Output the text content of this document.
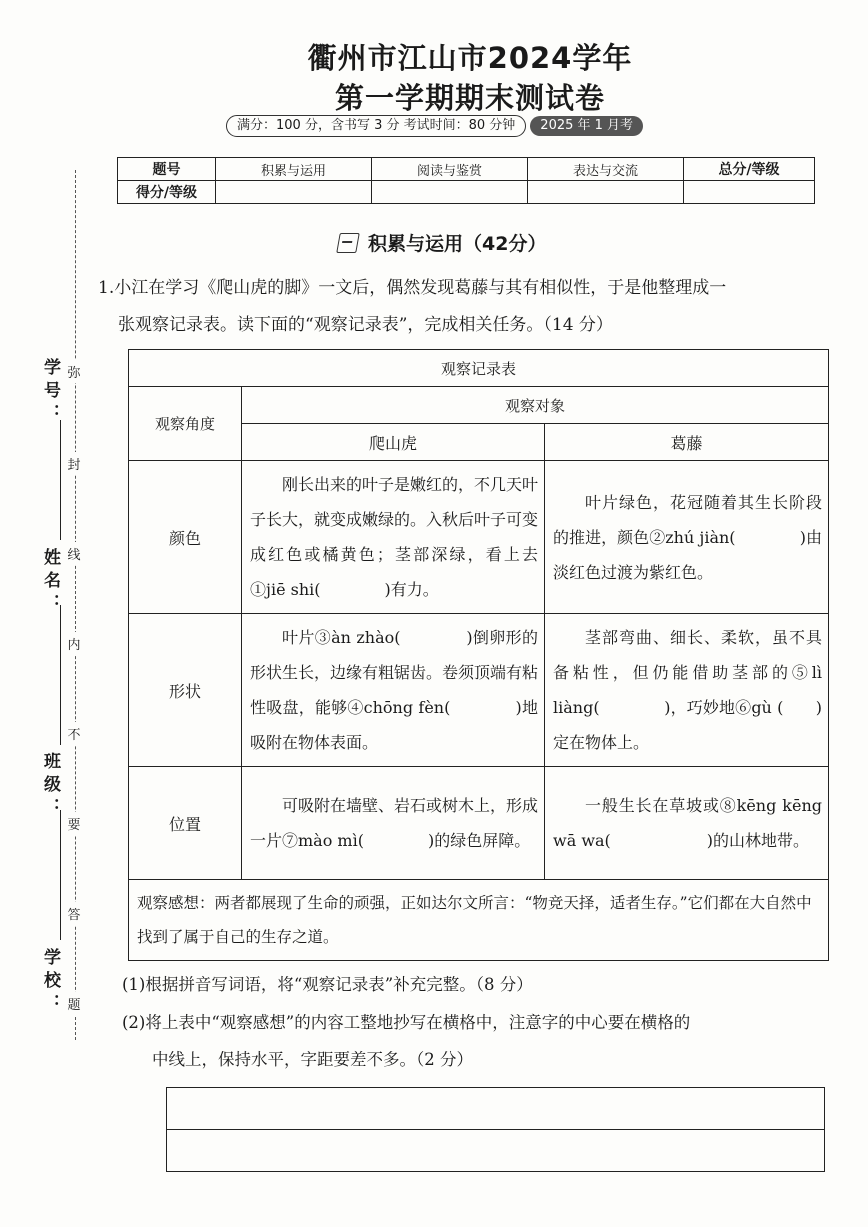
学号：
姓名：
班级：
学校：
弥
封
线
内
不
要
答
题
衢州市江山市2024学年
第一学期期末测试卷
满分：100 分，含书写 3 分 考试时间：80 分钟	2025 年 1 月考
题号	积累与运用	阅读与鉴赏	表达与交流	总分/等级
得分/等级				
积累与运用（42分）
1.小江在学习《爬山虎的脚》一文后，偶然发现葛藤与其有相似性，于是他整理成一
张观察记录表。读下面的“观察记录表”，完成相关任务。（14 分）
观察记录表		
观察角度	观察对象	
	爬山虎	葛藤
颜色	刚长出来的叶子是嫩红的，不几天叶子长大，就变成嫩绿的。入秋后叶子可变成红色或橘黄色；茎部深绿，看上去①jiē shi(　　　　)有力。	叶片绿色，花冠随着其生长阶段的推进，颜色②zhú jiàn(　　　　)由淡红色过渡为紫红色。

形状	叶片③àn zhào(　　　　)倒卵形的形状生长，边缘有粗锯齿。卷须顶端有粘性吸盘，能够④chōng fèn(　　　　)地吸附在物体表面。	茎部弯曲、细长、柔软，虽不具备粘性，但仍能借助茎部的⑤lì liàng(　　　　)，巧妙地⑥gù (　　)定在物体上。

位置	可吸附在墙壁、岩石或树木上，形成一片⑦mào mì(　　　　)的绿色屏障。	一般生长在草坡或⑧kēng kēng wā wa(　　　　　　)的山林地带。

观察感想：两者都展现了生命的顽强，正如达尔文所言：“物竞天择，适者生存。”它们都在大自然中找到了属于自己的生存之道。		
(1)根据拼音写词语，将“观察记录表”补充完整。（8 分）
(2)将上表中“观察感想”的内容工整地抄写在横格中，注意字的中心要在横格的
中线上，保持水平，字距要差不多。（2 分）
